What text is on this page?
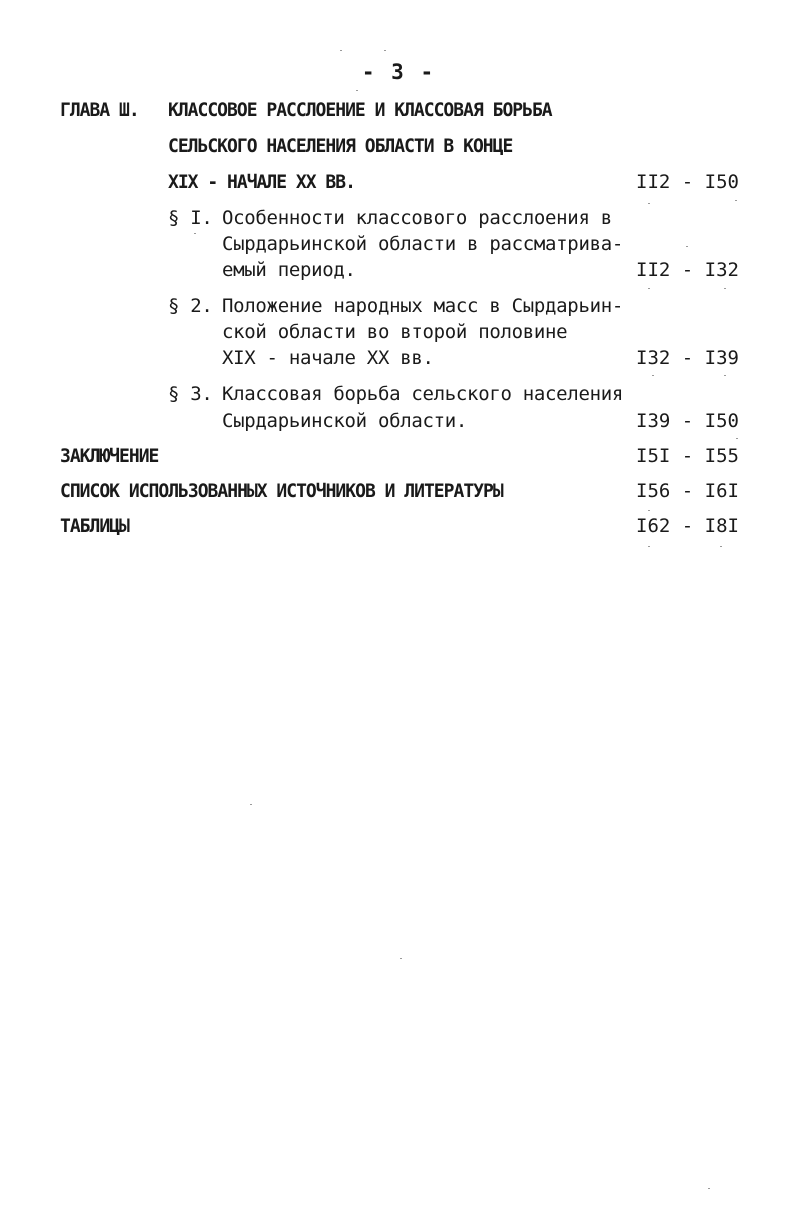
- 3 -
ГЛАВА Ш. КЛАССОВОЕ РАССЛОЕНИЕ И КЛАССОВАЯ БОРЬБА
СЕЛЬСКОГО НАСЕЛЕНИЯ ОБЛАСТИ В КОНЦЕ
XIX - НАЧАЛЕ XX ВВ.	II2 - I50
§ I. Особенности классового расслоения в
Сырдарьинской области в рассматрива-
емый период.	II2 - I32
§ 2. Положение народных масс в Сырдарьин-
ской области во второй половине
XIX - начале XX вв.	I32 - I39
§ 3. Классовая борьба сельского населения
Сырдарьинской области.	I39 - I50
ЗАКЛЮЧЕНИЕ	I5I - I55
СПИСОК ИСПОЛЬЗОВАННЫХ ИСТОЧНИКОВ И ЛИТЕРАТУРЫ	I56 - I6I
ТАБЛИЦЫ	I62 - I8I
